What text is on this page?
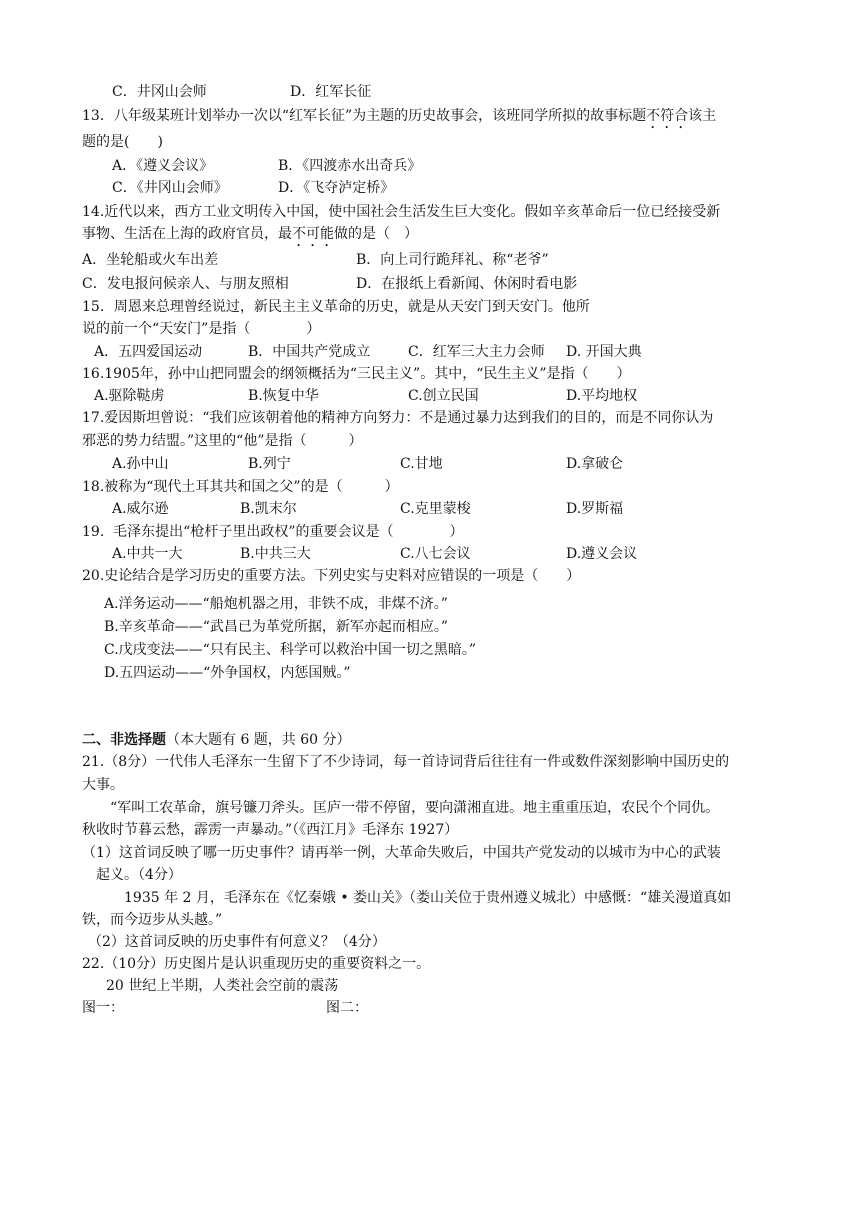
C．井冈山会师	D．红军长征
13．八年级某班计划举办一次以“红军长征”为主题的历史故事会，该班同学所拟的故事标题不符合该主
题的是(　　)
A．《遵义会议》	B．《四渡赤水出奇兵》
C．《井冈山会师》	D．《飞夺泸定桥》
14.近代以来，西方工业文明传入中国，使中国社会生活发生巨大变化。假如辛亥革命后一位已经接受新
事物、生活在上海的政府官员，最不可能做的是（　）
A．坐轮船或火车出差	B．向上司行跪拜礼、称“老爷”
C．发电报问候亲人、与朋友照相	D．在报纸上看新闻、休闲时看电影
15．周恩来总理曾经说过，新民主主义革命的历史，就是从天安门到天安门。他所
说的前一个“天安门”是指（　　　　）
A．五四爱国运动	B．中国共产党成立	C．红军三大主力会师 D. 开国大典
16.1905年，孙中山把同盟会的纲领概括为“三民主义”。其中，“民生主义”是指（　　）
A.驱除鞑虏	B.恢复中华	C.创立民国	D.平均地权
17.爱因斯坦曾说：“我们应该朝着他的精神方向努力：不是通过暴力达到我们的目的，而是不同你认为
邪恶的势力结盟。”这里的“他”是指（　　　）
A.孙中山	B.列宁	C.甘地	D.拿破仑
18.被称为“现代土耳其共和国之父”的是（　　　）
A.威尔逊	B.凯末尔	C.克里蒙梭	D.罗斯福
19.  毛泽东提出“枪杆子里出政权”的重要会议是（　　　　）
A.中共一大	B.中共三大	C.八七会议	D.遵义会议
20.史论结合是学习历史的重要方法。下列史实与史料对应错误的一项是（　　）
A.洋务运动——“船炮机器之用，非铁不成，非煤不济。”
B.辛亥革命——“武昌已为革党所据，新军亦起而相应。”
C.戊戌变法——“只有民主、科学可以救治中国一切之黑暗。”
D.五四运动——“外争国权，内惩国贼。”
二、非选择题（本大题有 6 题，共 60 分）
21.（8分）一代伟人毛泽东一生留下了不少诗词，每一首诗词背后往往有一件或数件深刻影响中国历史的
大事。
　“军叫工农革命，旗号镰刀斧头。匡庐一带不停留，要向潇湘直进。地主重重压迫，农民个个同仇。
秋收时节暮云愁，霹雳一声暴动。”（《西江月》毛泽东 1927）
（1）这首词反映了哪一历史事件？请再举一例，大革命失败后，中国共产党发动的以城市为中心的武装
起义。（4分）
　　1935 年 2 月，毛泽东在《忆秦娥 • 娄山关》（娄山关位于贵州遵义城北）中感慨：“雄关漫道真如
铁，而今迈步从头越。”
（2）这首词反映的历史事件有何意义？（4分）
22.（10分）历史图片是认识重现历史的重要资料之一。
　20 世纪上半期，人类社会空前的震荡
图一：	图二：
